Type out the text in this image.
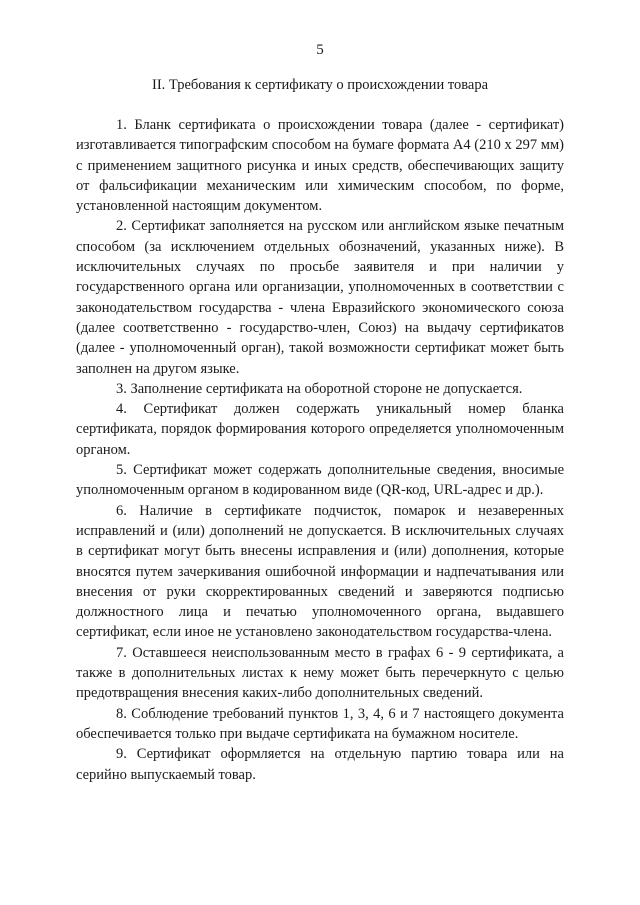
5
II. Требования к сертификату о происхождении товара

1. Бланк сертификата о происхождении товара (далее - сертификат) изготавливается типографским способом на бумаге формата А4 (210 х 297 мм) с применением защитного рисунка и иных средств, обеспечивающих защиту от фальсификации механическим или химическим способом, по форме, установленной настоящим документом.

2. Сертификат заполняется на русском или английском языке печатным способом (за исключением отдельных обозначений, указанных ниже). В исключительных случаях по просьбе заявителя и при наличии у государственного органа или организации, уполномоченных в соответствии с законодательством государства - члена Евразийского экономического союза (далее соответственно - государство-член, Союз) на выдачу сертификатов (далее - уполномоченный орган), такой возможности сертификат может быть заполнен на другом языке.

3. Заполнение сертификата на оборотной стороне не допускается.

4. Сертификат должен содержать уникальный номер бланка сертификата, порядок формирования которого определяется уполномоченным органом.

5. Сертификат может содержать дополнительные сведения, вносимые уполномоченным органом в кодированном виде (QR-код, URL-адрес и др.).

6. Наличие в сертификате подчисток, помарок и незаверенных исправлений и (или) дополнений не допускается. В исключительных случаях в сертификат могут быть внесены исправления и (или) дополнения, которые вносятся путем зачеркивания ошибочной информации и надпечатывания или внесения от руки скорректированных сведений и заверяются подписью должностного лица и печатью уполномоченного органа, выдавшего сертификат, если иное не установлено законодательством государства-члена.

7. Оставшееся неиспользованным место в графах 6 - 9 сертификата, а также в дополнительных листах к нему может быть перечеркнуто с целью предотвращения внесения каких-либо дополнительных сведений.

8. Соблюдение требований пунктов 1, 3, 4, 6 и 7 настоящего документа обеспечивается только при выдаче сертификата на бумажном носителе.

9. Сертификат оформляется на отдельную партию товара или на серийно выпускаемый товар.
